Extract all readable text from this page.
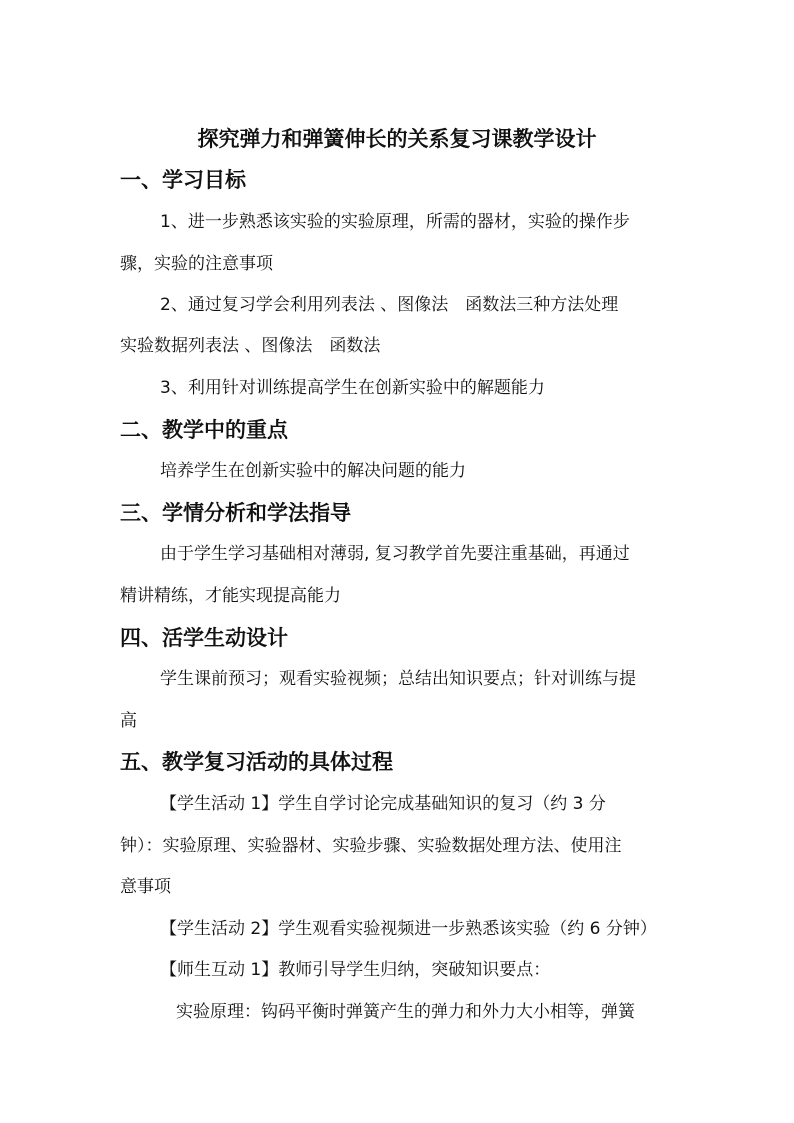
探究弹力和弹簧伸长的关系复习课教学设计
一、学习目标
1、进一步熟悉该实验的实验原理，所需的器材，实验的操作步
骤，实验的注意事项
2、通过复习学会利用列表法 、图像法　函数法三种方法处理
实验数据列表法 、图像法　函数法
3、利用针对训练提高学生在创新实验中的解题能力
二、教学中的重点
培养学生在创新实验中的解决问题的能力
三、学情分析和学法指导
由于学生学习基础相对薄弱, 复习教学首先要注重基础，再通过
精讲精练，才能实现提高能力
四、活学生动设计
学生课前预习；观看实验视频；总结出知识要点；针对训练与提
高
五、教学复习活动的具体过程
【学生活动 1】学生自学讨论完成基础知识的复习（约 3 分
钟）：实验原理、实验器材、实验步骤、实验数据处理方法、使用注
意事项
【学生活动 2】学生观看实验视频进一步熟悉该实验（约 6 分钟）
【师生互动 1】教师引导学生归纳，突破知识要点：
实验原理：钩码平衡时弹簧产生的弹力和外力大小相等，弹簧
